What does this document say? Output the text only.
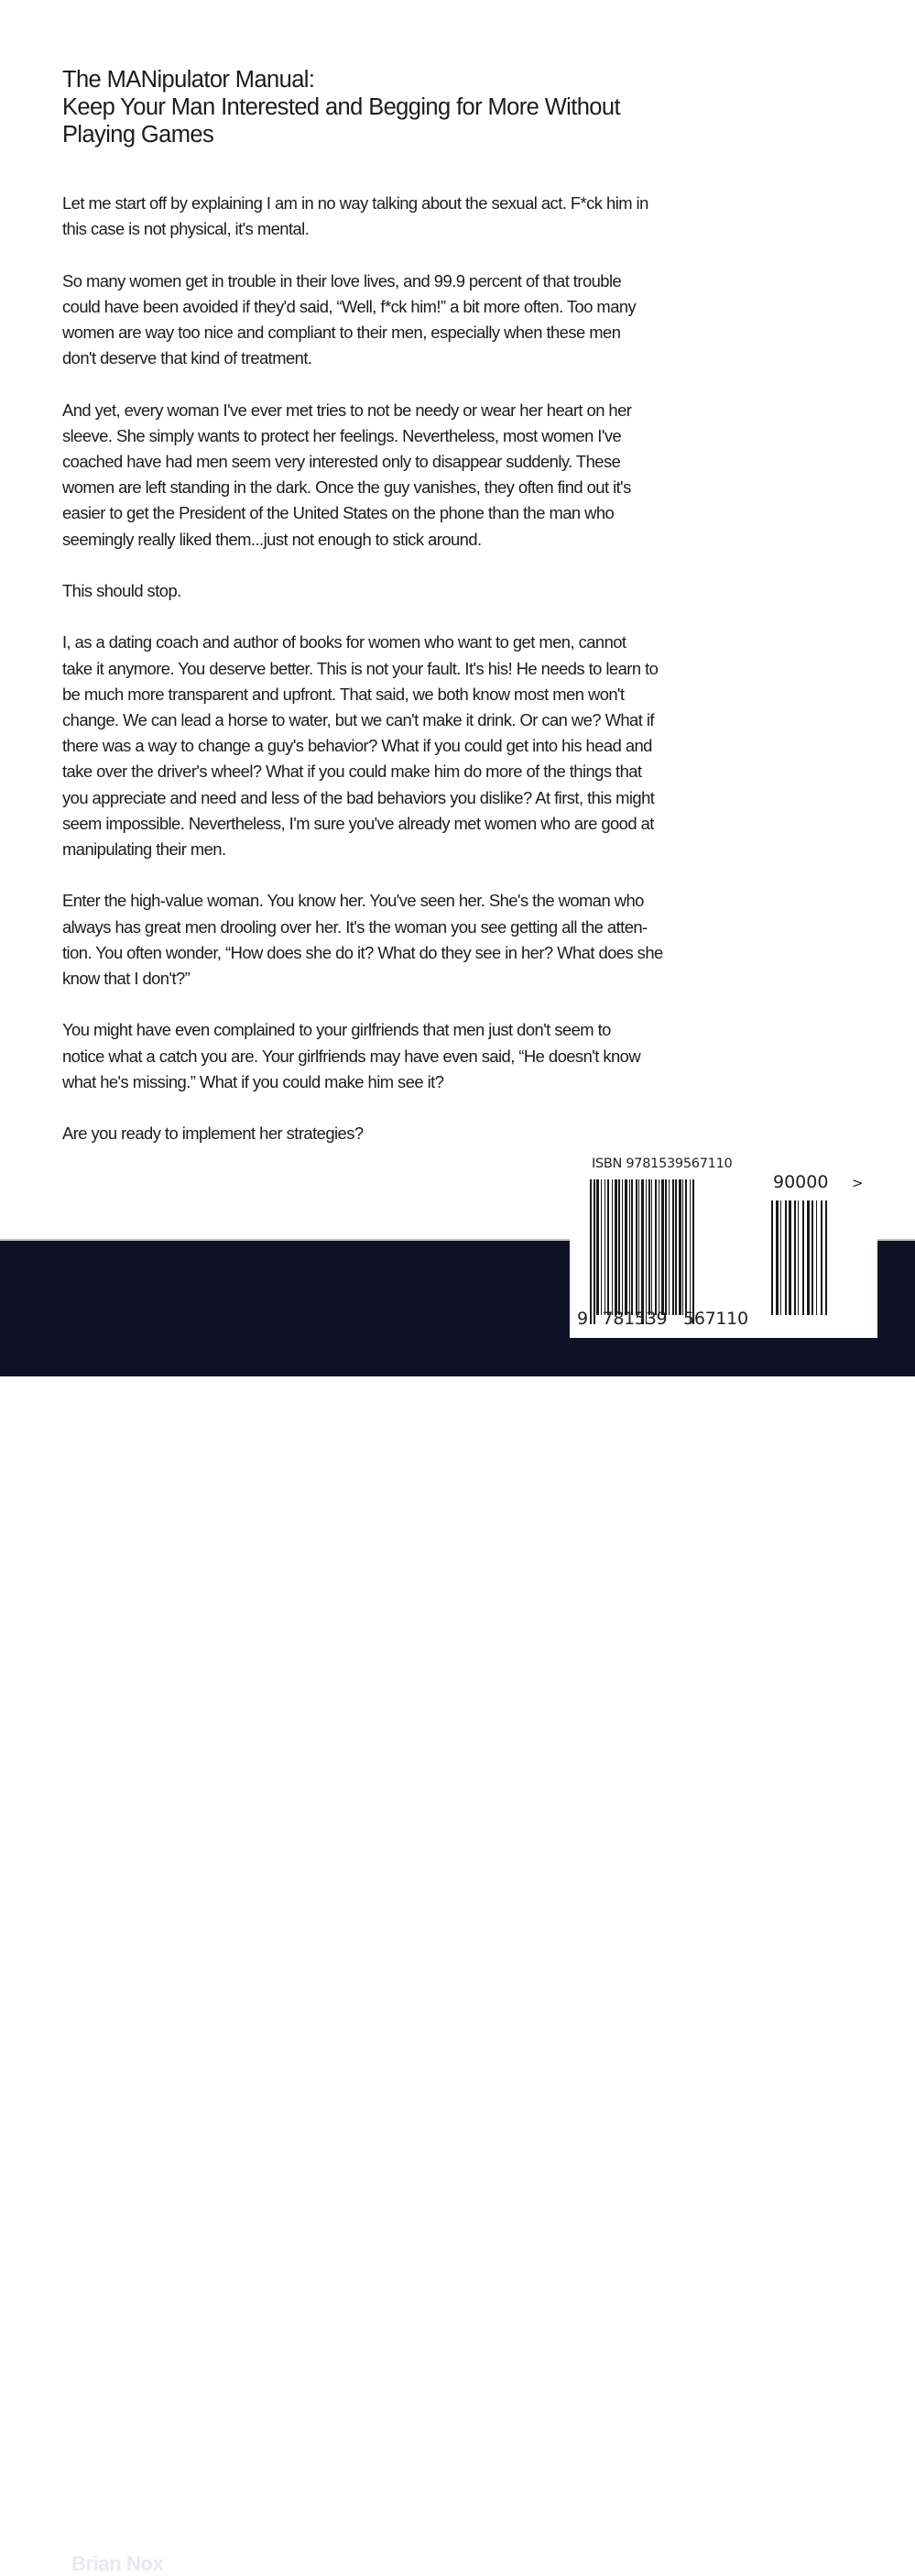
The MANipulator Manual:
Keep Your Man Interested and Begging for More Without
Playing Games
Let me start off by explaining I am in no way talking about the sexual act. F*ck him in
this case is not physical, it's mental.
So many women get in trouble in their love lives, and 99.9 percent of that trouble
could have been avoided if they'd said, “Well, f*ck him!” a bit more often. Too many
women are way too nice and compliant to their men, especially when these men
don't deserve that kind of treatment.
And yet, every woman I've ever met tries to not be needy or wear her heart on her
sleeve. She simply wants to protect her feelings. Nevertheless, most women I've
coached have had men seem very interested only to disappear suddenly. These
women are left standing in the dark. Once the guy vanishes, they often find out it's
easier to get the President of the United States on the phone than the man who
seemingly really liked them...just not enough to stick around.
This should stop.
I, as a dating coach and author of books for women who want to get men, cannot
take it anymore. You deserve better. This is not your fault. It's his! He needs to learn to
be much more transparent and upfront. That said, we both know most men won't
change. We can lead a horse to water, but we can't make it drink. Or can we? What if
there was a way to change a guy's behavior? What if you could get into his head and
take over the driver's wheel? What if you could make him do more of the things that
you appreciate and need and less of the bad behaviors you dislike? At first, this might
seem impossible. Nevertheless, I'm sure you've already met women who are good at
manipulating their men.
Enter the high-value woman. You know her. You've seen her. She's the woman who
always has great men drooling over her. It's the woman you see getting all the atten-
tion. You often wonder, “How does she do it? What do they see in her? What does she
know that I don't?”
You might have even complained to your girlfriends that men just don't seem to
notice what a catch you are. Your girlfriends may have even said, “He doesn't know
what he's missing.” What if you could make him see it?
Are you ready to implement her strategies?
Brian Nox
ISBN 9781539567110
90000 >
9 781539 567110
